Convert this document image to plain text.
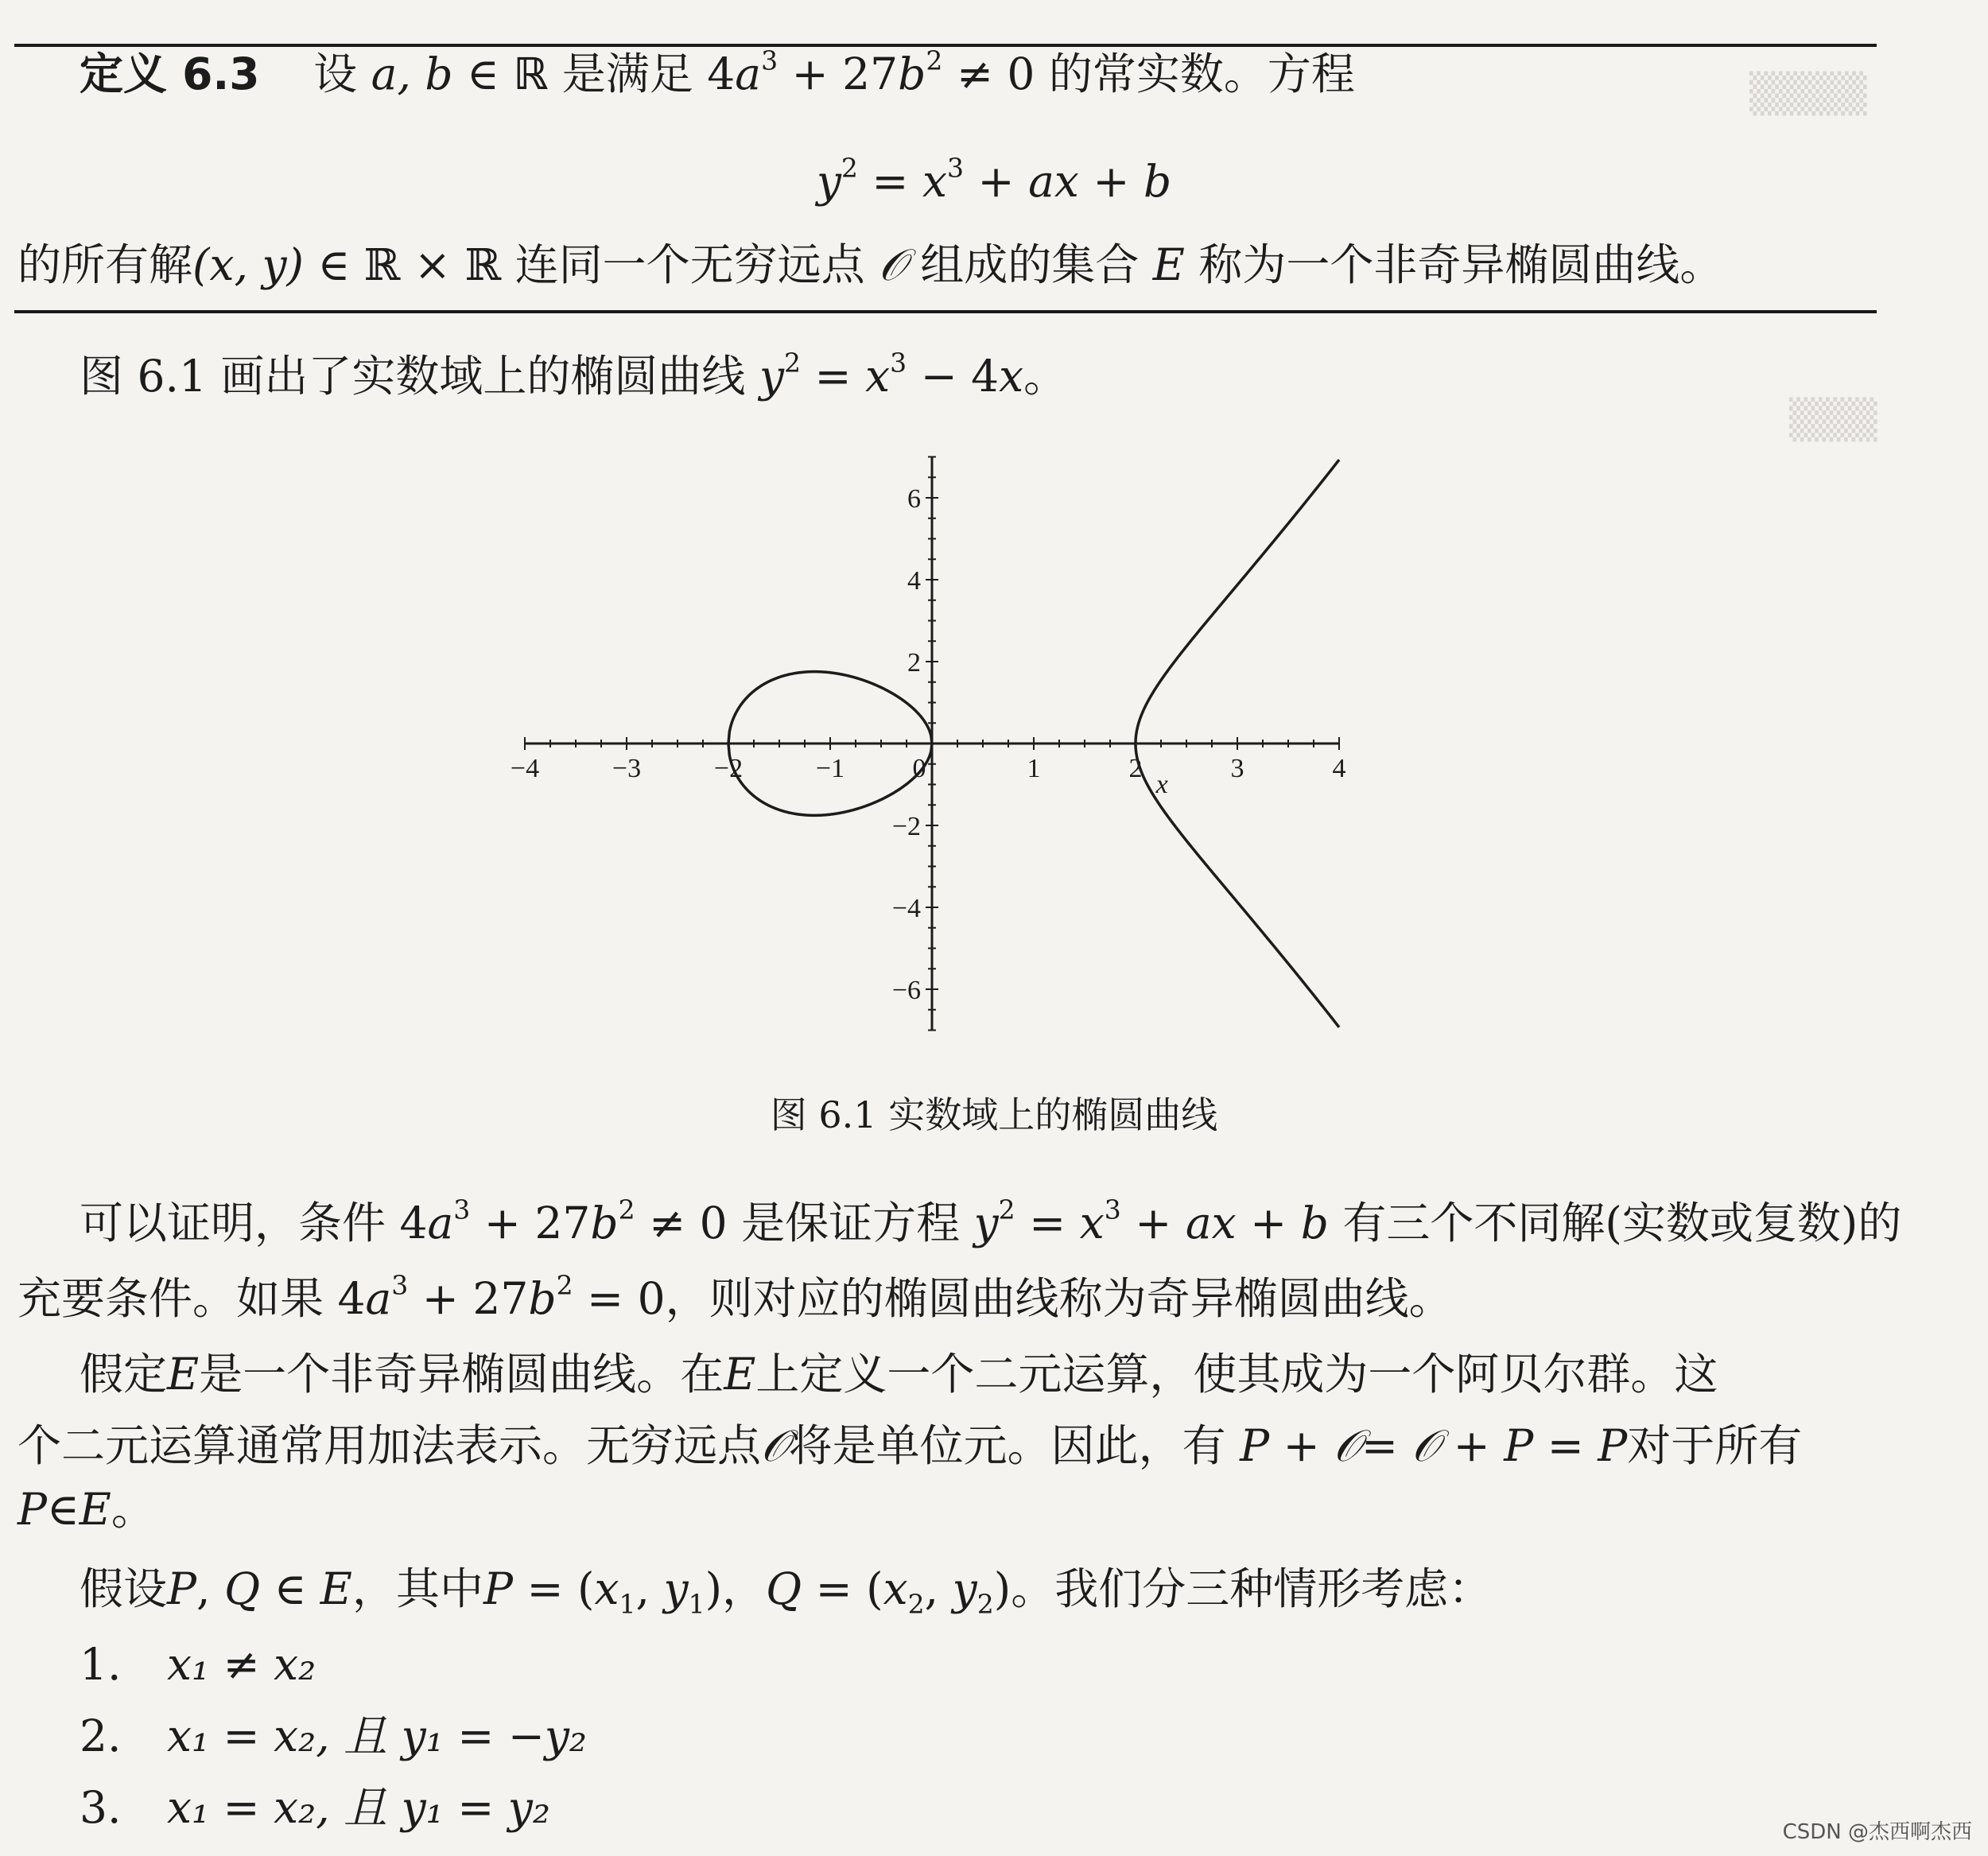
▒▒▒▒
▒▒▒
定义 6.3 设 a, b ∈ ℝ 是满足 $4a^3 + 27b^2 \ne 0$ 的常实数。方程
$y^2 = x^3$ + ax + b
的所有解(x, y) ∈ ℝ × ℝ 连同一个无穷远点 𝒪 组成的集合 E 称为一个非奇异椭圆曲线。
图 6.1 画出了实数域上的椭圆曲线 $y^2 = x^3 - 4x$。
−4	−3	−2	−1	0	1	2	3	4
6
4
2
−2
−4
−6
x
图 6.1 实数域上的椭圆曲线
可以证明，条件 $4a^3 + 27b^2 \ne 0$ 是保证方程 $y^2 = x^3$ + ax + b 有三个不同解(实数或复数)的
充要条件。如果 $4a^3 + 27b^2 = 0$，则对应的椭圆曲线称为奇异椭圆曲线。
假定E是一个非奇异椭圆曲线。在E上定义一个二元运算，使其成为一个阿贝尔群。这
个二元运算通常用加法表示。无穷远点𝒪将是单位元。因此，有 P + 𝒪= 𝒪 + P = P对于所有
P∈E。
假设P, Q ∈ E，其中$P = (x_1$, $y_1$)，$Q = (x_2$, $y_2$)。我们分三种情形考虑：
1. x₁ ≠ x₂
2. x₁ = x₂, 且 y₁ = −y₂
3. x₁ = x₂, 且 y₁ = y₂	CSDN @杰西啊杰西
